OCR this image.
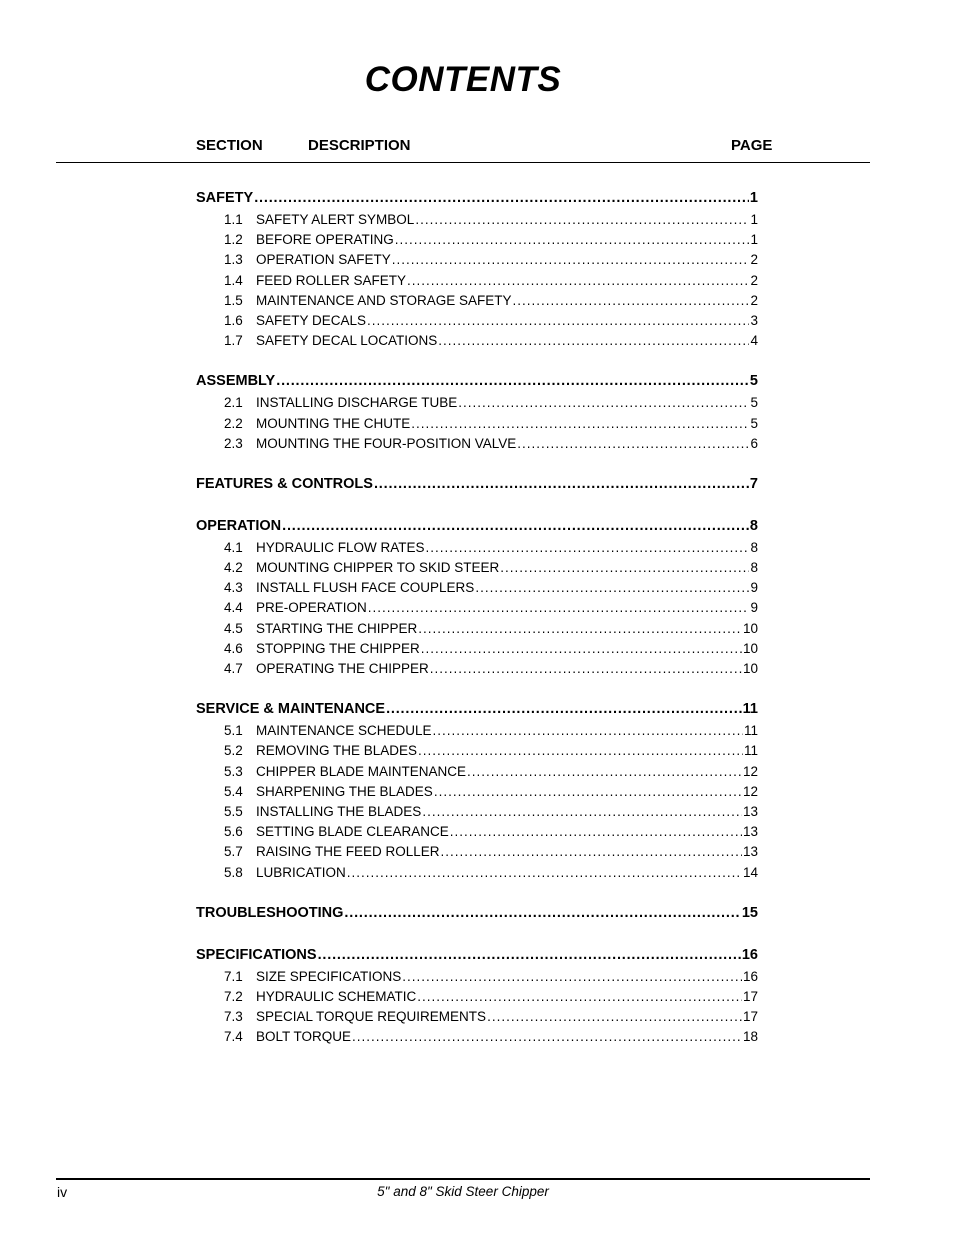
CONTENTS
SECTION	DESCRIPTION	PAGE
SAFETY .....	1
1.1 SAFETY ALERT SYMBOL .....	1
1.2 BEFORE OPERATING .....	1
1.3 OPERATION SAFETY .....	2
1.4 FEED ROLLER SAFETY .....	2
1.5 MAINTENANCE AND STORAGE SAFETY .....	2
1.6 SAFETY DECALS .....	3
1.7 SAFETY DECAL LOCATIONS .....	4
ASSEMBLY .....	5
2.1 INSTALLING DISCHARGE TUBE .....	5
2.2 MOUNTING THE CHUTE .....	5
2.3 MOUNTING THE FOUR-POSITION VALVE .....	6
FEATURES & CONTROLS .....	7
OPERATION .....	8
4.1 HYDRAULIC FLOW RATES .....	8
4.2 MOUNTING CHIPPER TO SKID STEER .....	8
4.3 INSTALL FLUSH FACE COUPLERS .....	9
4.4 PRE-OPERATION .....	9
4.5 STARTING THE CHIPPER .....	10
4.6 STOPPING THE CHIPPER .....	10
4.7 OPERATING THE CHIPPER .....	10
SERVICE & MAINTENANCE .....	11
5.1 MAINTENANCE SCHEDULE .....	11
5.2 REMOVING THE BLADES .....	11
5.3 CHIPPER BLADE MAINTENANCE .....	12
5.4 SHARPENING THE BLADES .....	12
5.5 INSTALLING THE BLADES .....	13
5.6 SETTING BLADE CLEARANCE .....	13
5.7 RAISING THE FEED ROLLER .....	13
5.8 LUBRICATION .....	14
TROUBLESHOOTING .....	15
SPECIFICATIONS .....	16
7.1 SIZE SPECIFICATIONS .....	16
7.2 HYDRAULIC SCHEMATIC .....	17
7.3 SPECIAL TORQUE REQUIREMENTS .....	17
7.4 BOLT TORQUE .....	18
iv	5" and 8" Skid Steer Chipper
